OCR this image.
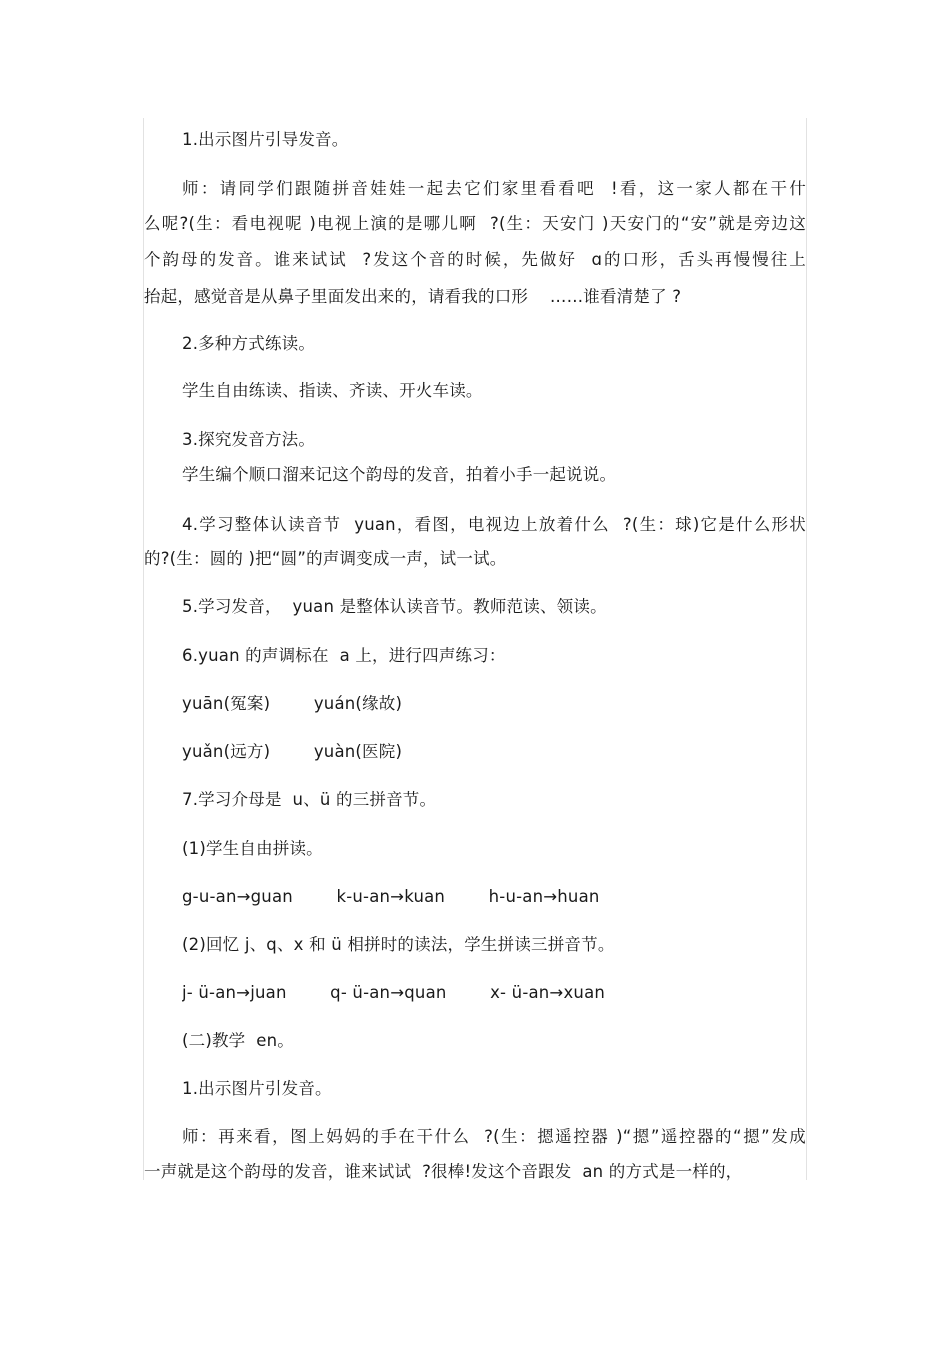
1.出示图片引导发音。
师：请同学们跟随拼音娃娃一起去它们家里看看吧  !看，这一家人都在干什
么呢?(生：看电视呢 )电视上演的是哪儿啊  ?(生：天安门 )天安门的“安”就是旁边这
个韵母的发音。谁来试试  ?发这个音的时候，先做好  ɑ的口形，舌头再慢慢往上
抬起，感觉音是从鼻子里面发出来的，请看我的口形    ……谁看清楚了 ?
2.多种方式练读。
学生自由练读、指读、齐读、开火车读。
3.探究发音方法。
学生编个顺口溜来记这个韵母的发音，拍着小手一起说说。
4.学习整体认读音节  yuan，看图，电视边上放着什么  ?(生：球)它是什么形状
的?(生：圆的 )把“圆”的声调变成一声，试一试。
5.学习发音，  yuan 是整体认读音节。教师范读、领读。
6.yuan 的声调标在  a 上，进行四声练习：
yuān(冤案)        yuán(缘故)
yuǎn(远方)        yuàn(医院)
7.学习介母是  u、ü 的三拼音节。
(1)学生自由拼读。
g-u-an→guan        k-u-an→kuan        h-u-an→huan
(2)回忆 j、q、x 和 ü 相拼时的读法，学生拼读三拼音节。
j- ü-an→juan        q- ü-an→quan        x- ü-an→xuan
(二)教学  en。
1.出示图片引发音。
师：再来看，图上妈妈的手在干什么  ?(生：摁遥控器 )“摁”遥控器的“摁”发成
一声就是这个韵母的发音，谁来试试  ?很棒!发这个音跟发  an 的方式是一样的，
